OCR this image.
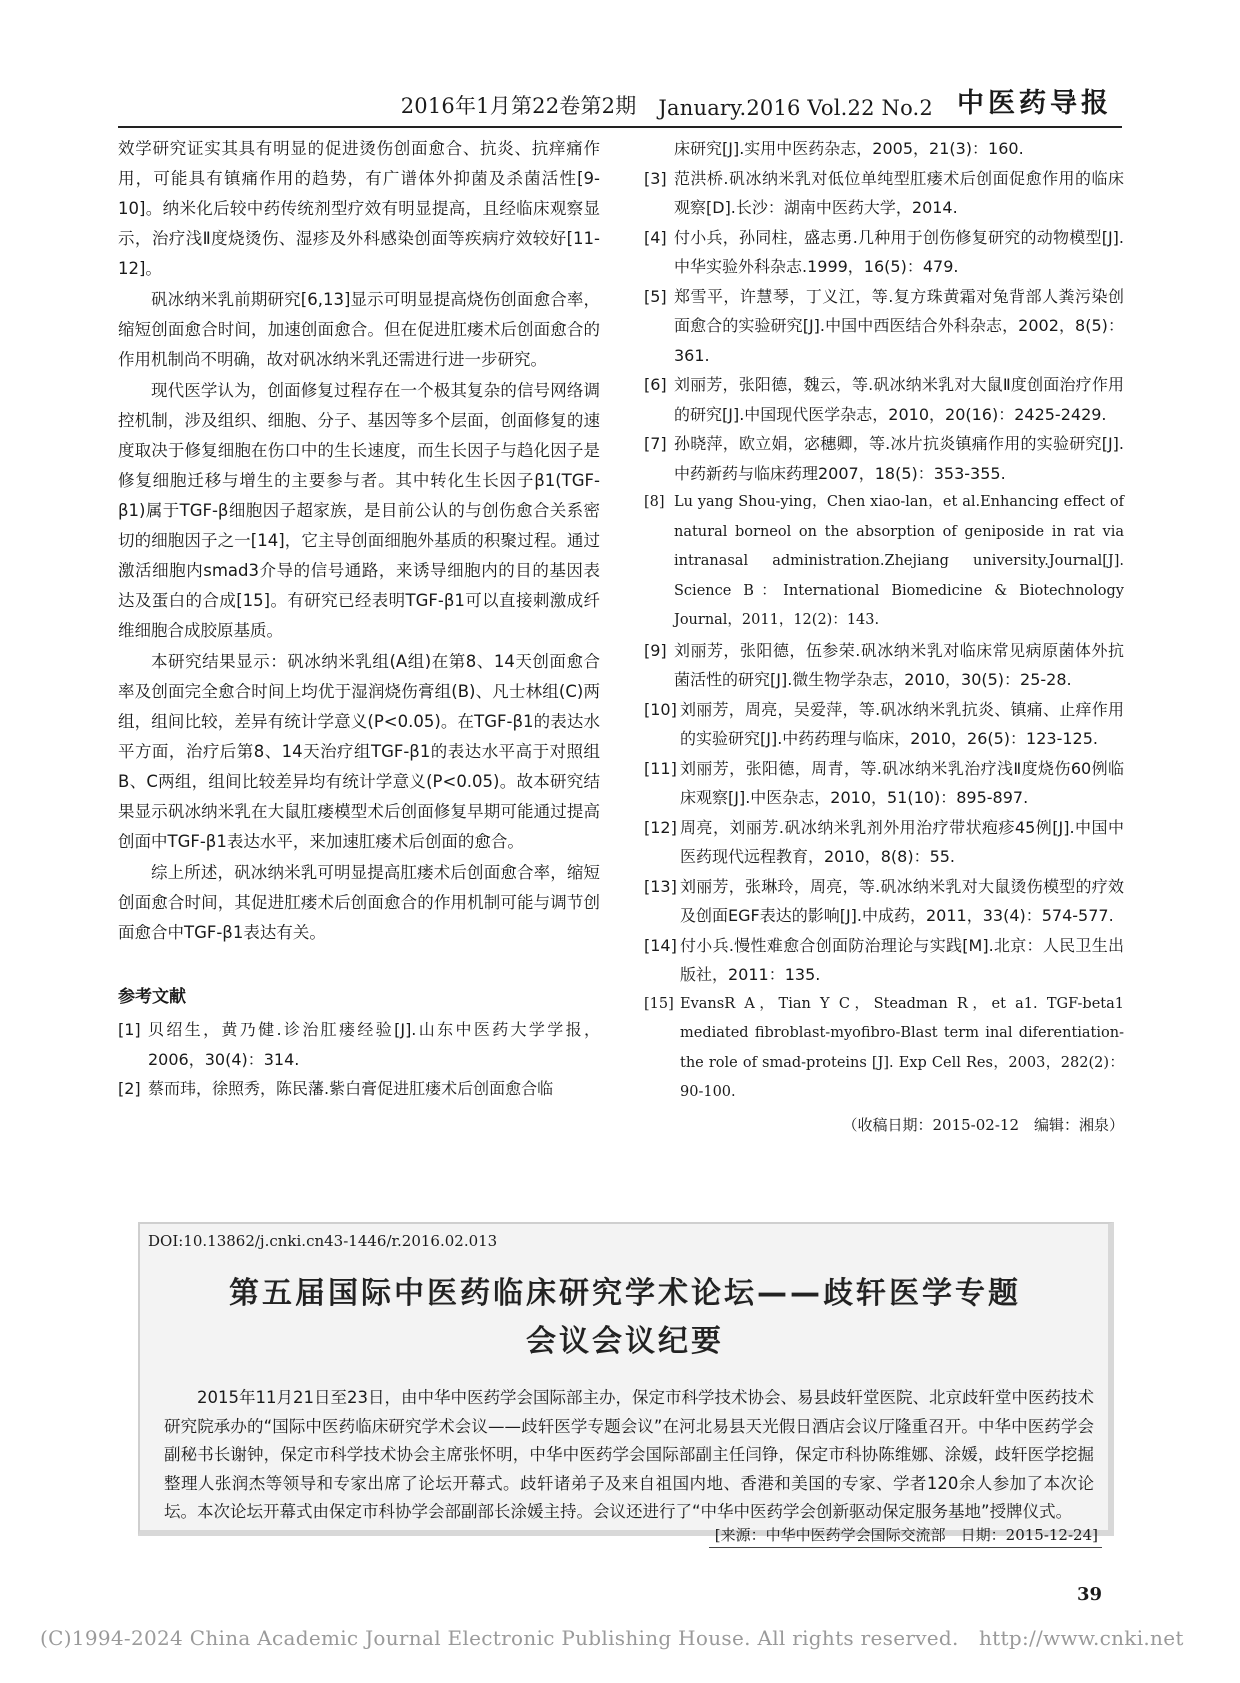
2016年1月第22卷第2期 January.2016 Vol.22 No.2 中医药导报

效学研究证实其具有明显的促进烫伤创面愈合、抗炎、抗痒痛作用，可能具有镇痛作用的趋势，有广谱体外抑菌及杀菌活性[9-10]。纳米化后较中药传统剂型疗效有明显提高，且经临床观察显示，治疗浅Ⅱ度烧烫伤、湿疹及外科感染创面等疾病疗效较好[11-12]。

矾冰纳米乳前期研究[6,13]显示可明显提高烧伤创面愈合率，缩短创面愈合时间，加速创面愈合。但在促进肛瘘术后创面愈合的作用机制尚不明确，故对矾冰纳米乳还需进行进一步研究。

现代医学认为，创面修复过程存在一个极其复杂的信号网络调控机制，涉及组织、细胞、分子、基因等多个层面，创面修复的速度取决于修复细胞在伤口中的生长速度，而生长因子与趋化因子是修复细胞迁移与增生的主要参与者。其中转化生长因子β1(TGF-β1)属于TGF-β细胞因子超家族，是目前公认的与创伤愈合关系密切的细胞因子之一[14]，它主导创面细胞外基质的积聚过程。通过激活细胞内smad3介导的信号通路，来诱导细胞内的目的基因表达及蛋白的合成[15]。有研究已经表明TGF-β1可以直接刺激成纤维细胞合成胶原基质。

本研究结果显示：矾冰纳米乳组(A组)在第8、14天创面愈合率及创面完全愈合时间上均优于湿润烧伤膏组(B)、凡士林组(C)两组，组间比较，差异有统计学意义(P<0.05)。在TGF-β1的表达水平方面，治疗后第8、14天治疗组TGF-β1的表达水平高于对照组B、C两组，组间比较差异均有统计学意义(P<0.05)。故本研究结果显示矾冰纳米乳在大鼠肛瘘模型术后创面修复早期可能通过提高创面中TGF-β1表达水平，来加速肛瘘术后创面的愈合。

综上所述，矾冰纳米乳可明显提高肛瘘术后创面愈合率，缩短创面愈合时间，其促进肛瘘术后创面愈合的作用机制可能与调节创面愈合中TGF-β1表达有关。

参考文献
[1] 贝绍生，黄乃健.诊治肛瘘经验[J].山东中医药大学学报，2006，30(4)：314.
[2] 蔡而玮，徐照秀，陈民藩.紫白膏促进肛瘘术后创面愈合临
床研究[J].实用中医药杂志，2005，21(3)：160.
[3] 范洪桥.矾冰纳米乳对低位单纯型肛瘘术后创面促愈作用的临床观察[D].长沙：湖南中医药大学，2014.
[4] 付小兵，孙同柱，盛志勇.几种用于创伤修复研究的动物模型[J].中华实验外科杂志.1999，16(5)：479.
[5] 郑雪平，许慧琴，丁义江，等.复方珠黄霜对兔背部人粪污染创面愈合的实验研究[J].中国中西医结合外科杂志，2002，8(5)：361.
[6] 刘丽芳，张阳德，魏云，等.矾冰纳米乳对大鼠Ⅱ度创面治疗作用的研究[J].中国现代医学杂志，2010，20(16)：2425-2429.
[7] 孙晓萍，欧立娟，宓穗卿，等.冰片抗炎镇痛作用的实验研究[J].中药新药与临床药理2007，18(5)：353-355.
[8] Lu yang Shou-ying，Chen xiao-lan，et al.Enhancing effect of natural borneol on the absorption of geniposide in rat via intranasal administration.Zhejiang university.Journal[J]. Science B：International Biomedicine & Biotechnology Journal，2011，12(2)：143.
[9] 刘丽芳，张阳德，伍参荣.矾冰纳米乳对临床常见病原菌体外抗菌活性的研究[J].微生物学杂志，2010，30(5)：25-28.
[10] 刘丽芳，周亮，吴爱萍，等.矾冰纳米乳抗炎、镇痛、止痒作用的实验研究[J].中药药理与临床，2010，26(5)：123-125.
[11] 刘丽芳，张阳德，周青，等.矾冰纳米乳治疗浅Ⅱ度烧伤60例临床观察[J].中医杂志，2010，51(10)：895-897.
[12] 周亮，刘丽芳.矾冰纳米乳剂外用治疗带状疱疹45例[J].中国中医药现代远程教育，2010，8(8)：55.
[13] 刘丽芳，张琳玲，周亮，等.矾冰纳米乳对大鼠烫伤模型的疗效及创面EGF表达的影响[J].中成药，2011，33(4)：574-577.
[14] 付小兵.慢性难愈合创面防治理论与实践[M].北京：人民卫生出版社，2011：135.
[15] EvansR A，Tian Y C，Steadman R，et a1. TGF-beta1 mediated fibroblast-myofibro-Blast term inal diferentiation-the role of smad-proteins [J]. Exp Cell Res，2003，282(2)：90-100.
（收稿日期：2015-02-12　编辑：湘泉）
DOI:10.13862/j.cnki.cn43-1446/r.2016.02.013
第五届国际中医药临床研究学术论坛——歧轩医学专题
会议会议纪要
2015年11月21日至23日，由中华中医药学会国际部主办，保定市科学技术协会、易县歧轩堂医院、北京歧轩堂中医药技术研究院承办的“国际中医药临床研究学术会议——歧轩医学专题会议”在河北易县天光假日酒店会议厅隆重召开。中华中医药学会副秘书长谢钟，保定市科学技术协会主席张怀明，中华中医药学会国际部副主任闫铮，保定市科协陈维娜、涂媛，歧轩医学挖掘整理人张润杰等领导和专家出席了论坛开幕式。歧轩诸弟子及来自祖国内地、香港和美国的专家、学者120余人参加了本次论坛。本次论坛开幕式由保定市科协学会部副部长涂媛主持。会议还进行了“中华中医药学会创新驱动保定服务基地”授牌仪式。
[来源：中华中医药学会国际交流部　日期：2015-12-24]
39
(C)1994-2024 China Academic Journal Electronic Publishing House. All rights reserved.　http://www.cnki.net
